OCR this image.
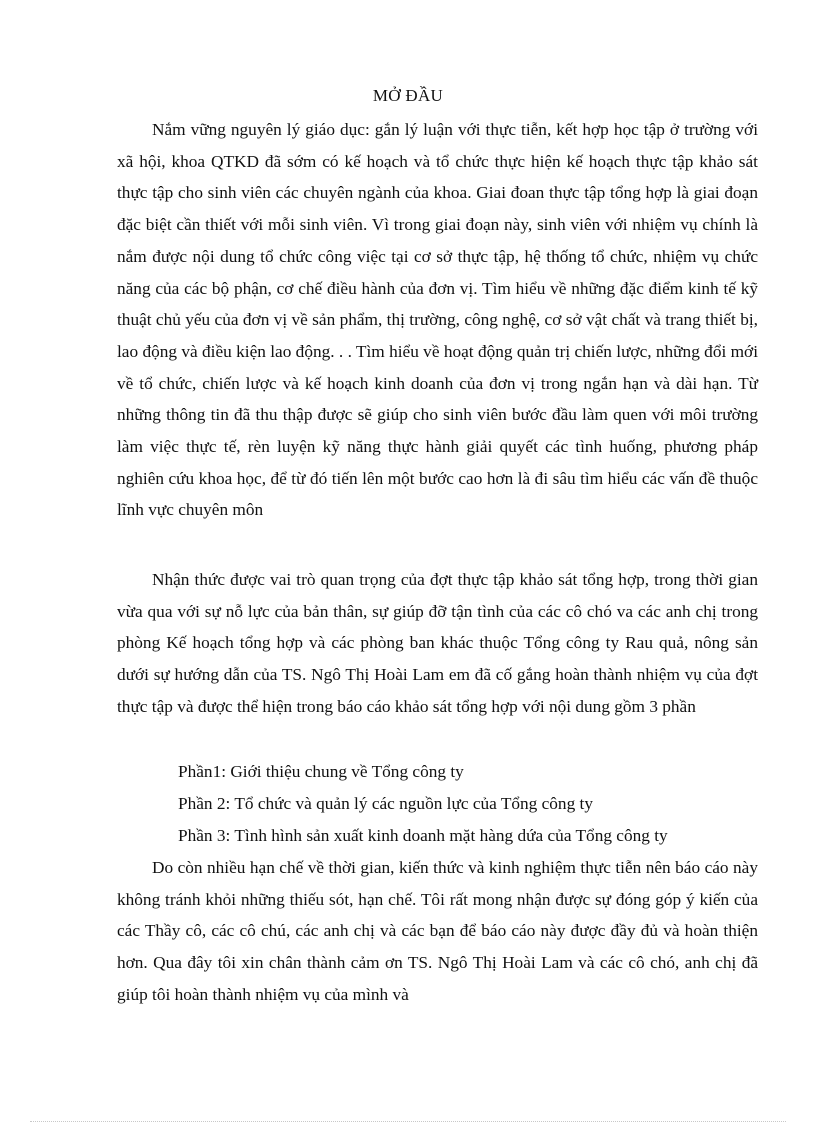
MỞ ĐẦU

Nắm vững nguyên lý giáo dục: gắn lý luận với thực tiễn, kết hợp học tập ở trường với xã hội, khoa QTKD đã sớm có kế hoạch và tổ chức thực hiện kế hoạch thực tập khảo sát thực tập cho sinh viên các chuyên ngành của khoa. Giai đoan thực tập tổng hợp là giai đoạn đặc biệt cần thiết với mỗi sinh viên. Vì trong giai đoạn này, sinh viên với nhiệm vụ chính là nắm được nội dung tổ chức công việc tại cơ sở thực tập, hệ thống tổ chức, nhiệm vụ chức năng của các bộ phận, cơ chế điều hành của đơn vị. Tìm hiểu về những đặc điểm kinh tế kỹ thuật chủ yếu của đơn vị về sản phẩm, thị trường, công nghệ, cơ sở vật chất và trang thiết bị, lao động và điều kiện lao động. . . Tìm hiểu về hoạt động quản trị chiến lược, những đổi mới về tổ chức, chiến lược và kế hoạch kinh doanh của đơn vị trong ngắn hạn và dài hạn. Từ những thông tin đã thu thập được sẽ giúp cho sinh viên bước đầu làm quen với môi trường làm việc thực tế, rèn luyện kỹ năng thực hành giải quyết các tình huống, phương pháp nghiên cứu khoa học, để từ đó tiến lên một bước cao hơn là đi sâu tìm hiểu các vấn đề thuộc lĩnh vực chuyên môn

Nhận thức được vai trò quan trọng của đợt thực tập khảo sát tổng hợp, trong thời gian vừa qua với sự nỗ lực của bản thân, sự giúp đỡ tận tình của các cô chó va các anh chị trong phòng Kế hoạch tổng hợp và các phòng ban khác thuộc Tổng công ty Rau quả, nông sản dưới sự hướng dẫn của TS. Ngô Thị Hoài Lam em đã cố gắng hoàn thành nhiệm vụ của đợt thực tập và được thể hiện trong báo cáo khảo sát tổng hợp với nội dung gồm 3 phần

Phần1: Giới thiệu chung về Tổng công ty

Phần 2: Tổ chức và quản lý các nguồn lực của Tổng công ty

Phần 3: Tình hình sản xuất kinh doanh mặt hàng dứa của Tổng công ty

Do còn nhiều hạn chế về thời gian, kiến thức và kinh nghiệm thực tiễn nên báo cáo này không tránh khỏi những thiếu sót, hạn chế. Tôi rất mong nhận được sự đóng góp ý kiến của các Thầy cô, các cô chú, các anh chị và các bạn để báo cáo này được đầy đủ và hoàn thiện hơn. Qua đây tôi xin chân thành cảm ơn TS. Ngô Thị Hoài Lam và các cô chó, anh chị đã giúp tôi hoàn thành nhiệm vụ của mình và
